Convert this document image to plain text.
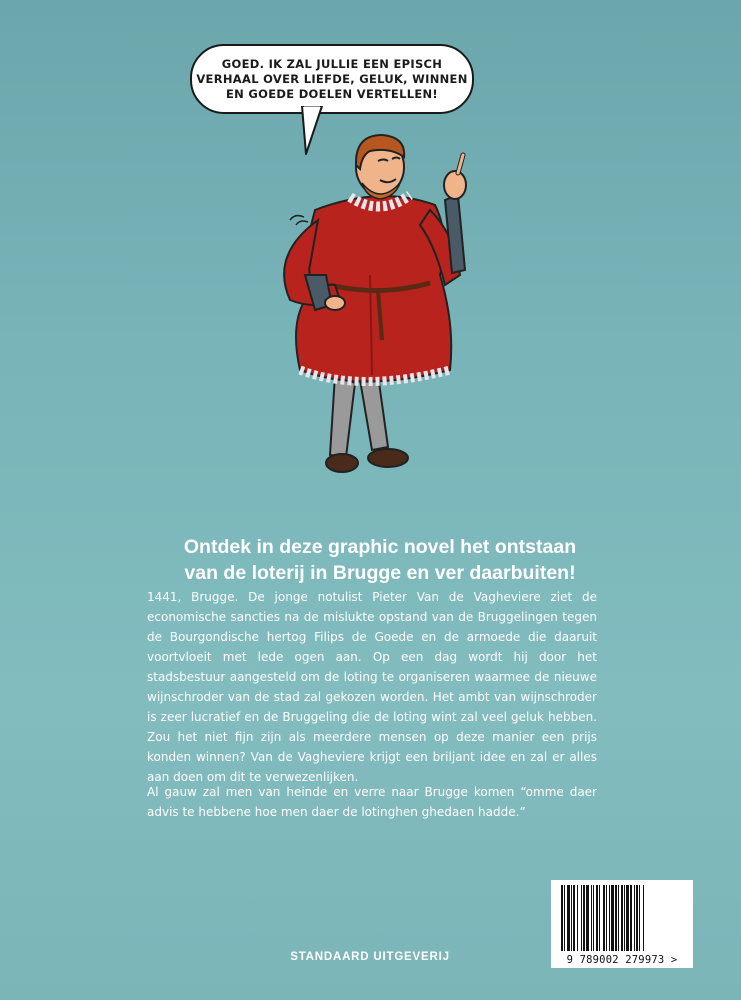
GOED. IK ZAL JULLIE EEN EPISCH
VERHAAL OVER LIEFDE, GELUK, WINNEN
EN GOEDE DOELEN VERTELLEN!
Ontdek in deze graphic novel het ontstaan
van de loterij in Brugge en ver daarbuiten!

1441, Brugge. De jonge notulist Pieter Van de Vagheviere ziet de economische sancties na de mislukte opstand van de Bruggelingen tegen de Bourgondische hertog Filips de Goede en de armoede die daaruit voortvloeit met lede ogen aan. Op een dag wordt hij door het stadsbestuur aangesteld om de loting te organiseren waarmee de nieuwe wijnschroder van de stad zal gekozen worden. Het ambt van wijnschroder is zeer lucratief en de Bruggeling die de loting wint zal veel geluk hebben. Zou het niet fijn zijn als meerdere mensen op deze manier een prijs konden winnen? Van de Vagheviere krijgt een briljant idee en zal er alles aan doen om dit te verwezenlijken.

Al gauw zal men van heinde en verre naar Brugge komen “omme daer advis te hebbene hoe men daer de lotinghen ghedaen hadde.”

STANDAARD UITGEVERIJ	9 789002 279973 >
